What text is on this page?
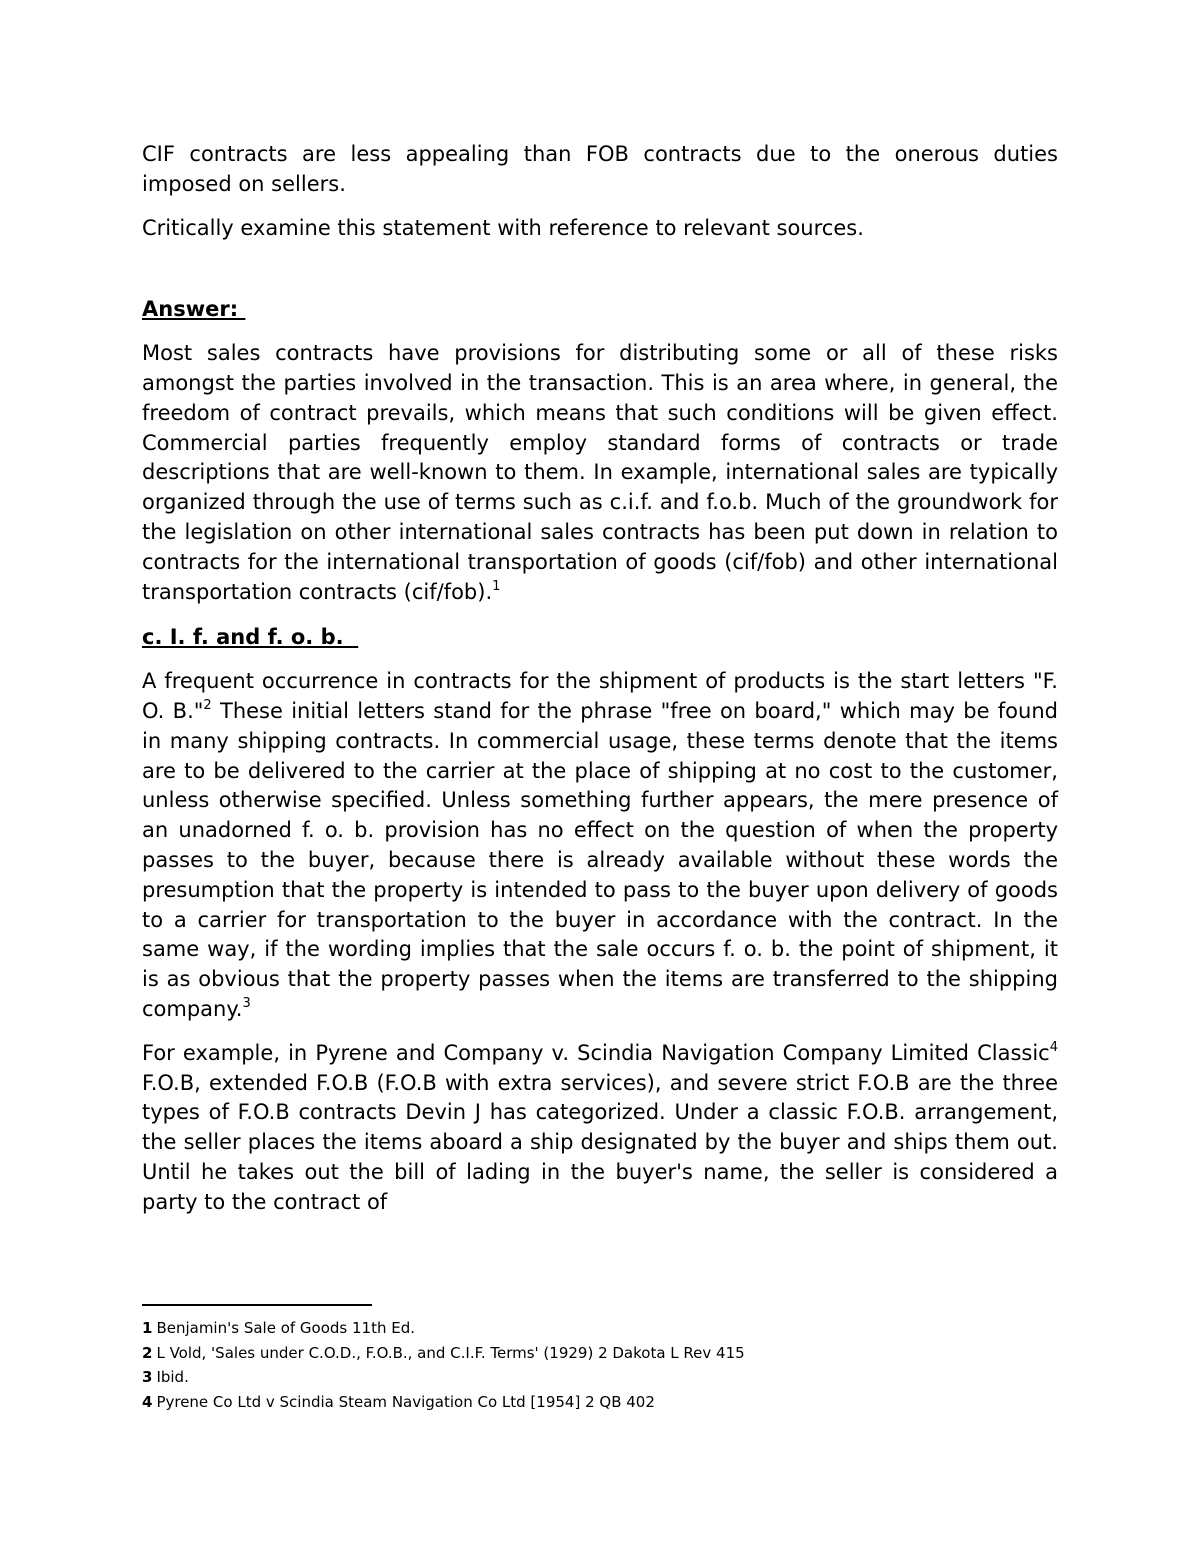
CIF contracts are less appealing than FOB contracts due to the onerous duties imposed on sellers.

Critically examine this statement with reference to relevant sources.

Answer:

Most sales contracts have provisions for distributing some or all of these risks amongst the parties involved in the transaction. This is an area where, in general, the freedom of contract prevails, which means that such conditions will be given effect. Commercial parties frequently employ standard forms of contracts or trade descriptions that are well-known to them. In example, international sales are typically organized through the use of terms such as c.i.f. and f.o.b. Much of the groundwork for the legislation on other international sales contracts has been put down in relation to contracts for the international transportation of goods (cif/fob) and other international transportation contracts (cif/fob).$^1$

c. I. f. and f. o. b.

A frequent occurrence in contracts for the shipment of products is the start letters "F. O. B."$^2$ These initial letters stand for the phrase "free on board," which may be found in many shipping contracts. In commercial usage, these terms denote that the items are to be delivered to the carrier at the place of shipping at no cost to the customer, unless otherwise specified. Unless something further appears, the mere presence of an unadorned f. o. b. provision has no effect on the question of when the property passes to the buyer, because there is already available without these words the presumption that the property is intended to pass to the buyer upon delivery of goods to a carrier for transportation to the buyer in accordance with the contract. In the same way, if the wording implies that the sale occurs f. o. b. the point of shipment, it is as obvious that the property passes when the items are transferred to the shipping company.$^3$

For example, in Pyrene and Company v. Scindia Navigation Company Limited Classic$^4$ F.O.B, extended F.O.B (F.O.B with extra services), and severe strict F.O.B are the three types of F.O.B contracts Devin J has categorized. Under a classic F.O.B. arrangement, the seller places the items aboard a ship designated by the buyer and ships them out. Until he takes out the bill of lading in the buyer's name, the seller is considered a party to the contract of

1 Benjamin's Sale of Goods 11th Ed.

2 L Vold, 'Sales under C.O.D., F.O.B., and C.I.F. Terms' (1929) 2 Dakota L Rev 415

3 Ibid.

4 Pyrene Co Ltd v Scindia Steam Navigation Co Ltd [1954] 2 QB 402
